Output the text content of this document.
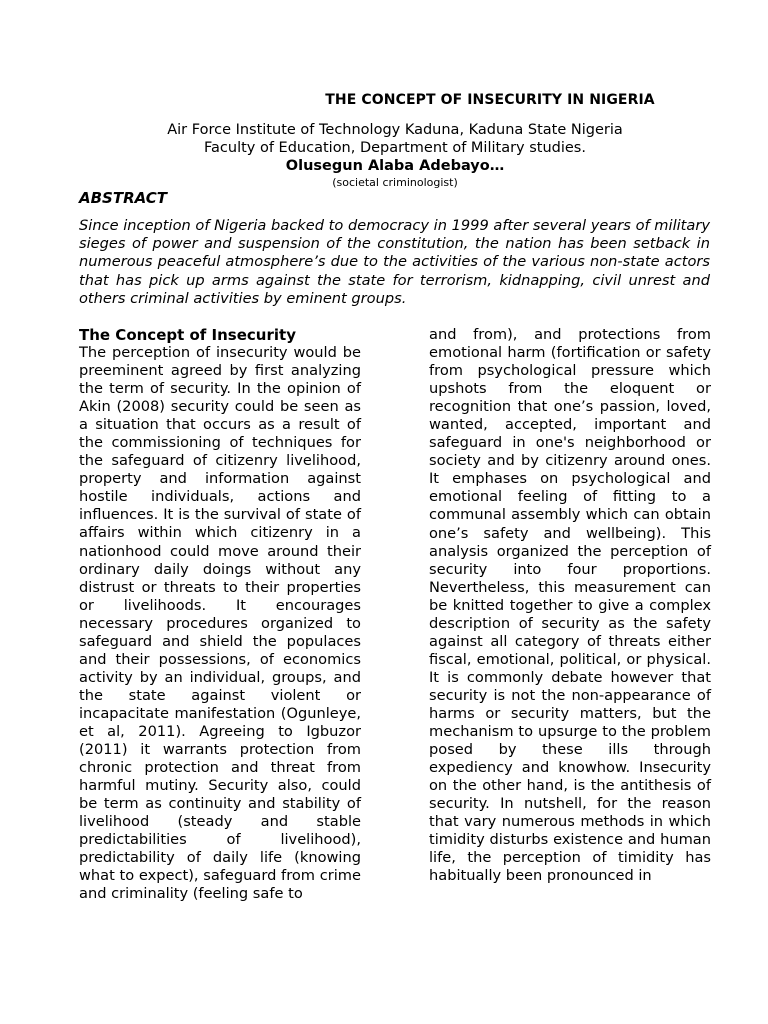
THE CONCEPT OF INSECURITY IN NIGERIA

Air Force Institute of Technology Kaduna, Kaduna State Nigeria

Faculty of Education, Department of Military studies.

Olusegun Alaba Adebayo…

(societal criminologist)

ABSTRACT

Since inception of Nigeria backed to democracy in 1999 after several years of military sieges of power and suspension of the constitution, the nation has been setback in numerous peaceful atmosphere’s due to the activities of the various non-state actors that has pick up arms against the state for terrorism, kidnapping, civil unrest and others criminal activities by eminent groups.

The Concept of Insecurity

The perception of insecurity would be preeminent agreed by first analyzing the term of security. In the opinion of Akin (2008) security could be seen as a situation that occurs as a result of the commissioning of techniques for the safeguard of citizenry livelihood, property and information against hostile individuals, actions and influences. It is the survival of state of affairs within which citizenry in a nationhood could move around their ordinary daily doings without any distrust or threats to their properties or livelihoods. It encourages necessary procedures organized to safeguard and shield the populaces and their possessions, of economics activity by an individual, groups, and the state against violent or incapacitate manifestation (Ogunleye, et al, 2011). Agreeing to Igbuzor (2011) it warrants protection from chronic protection and threat from harmful mutiny. Security also, could be term as continuity and stability of livelihood (steady and stable predictabilities of livelihood), predictability of daily life (knowing what to expect), safeguard from crime and criminality (feeling safe to

and from), and protections from emotional harm (fortification or safety from psychological pressure which upshots from the eloquent or recognition that one’s passion, loved, wanted, accepted, important and safeguard in one's neighborhood or society and by citizenry around ones. It emphases on psychological and emotional feeling of fitting to a communal assembly which can obtain one’s safety and wellbeing). This analysis organized the perception of security into four proportions. Nevertheless, this measurement can be knitted together to give a complex description of security as the safety against all category of threats either fiscal, emotional, political, or physical. It is commonly debate however that security is not the non-appearance of harms or security matters, but the mechanism to upsurge to the problem posed by these ills through expediency and knowhow. Insecurity on the other hand, is the antithesis of security. In nutshell, for the reason that vary numerous methods in which timidity disturbs existence and human life, the perception of timidity has habitually been pronounced in
